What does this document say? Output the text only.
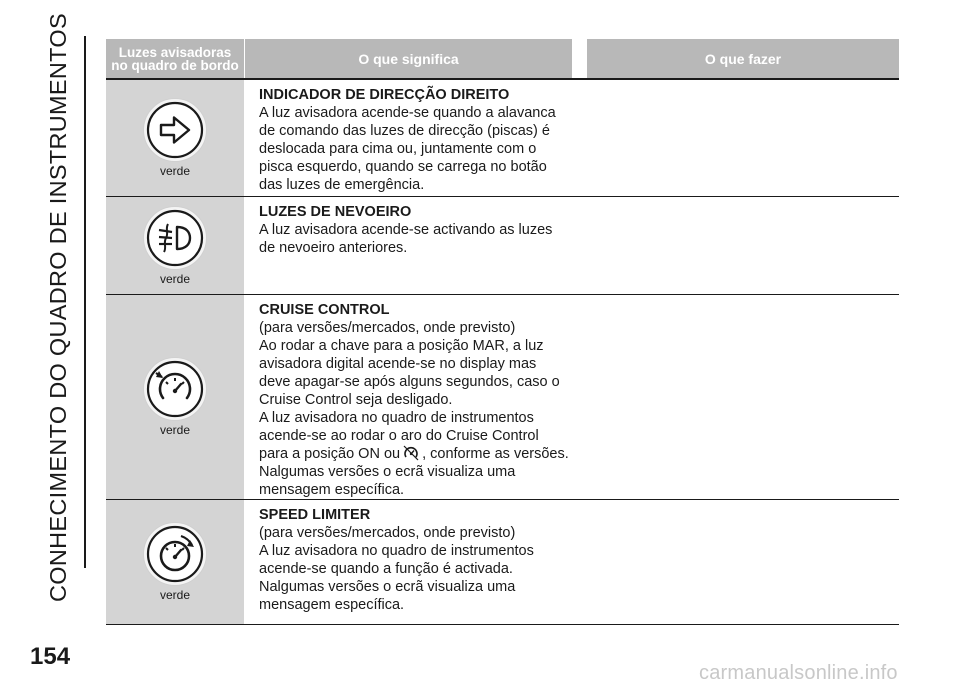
CONHECIMENTO DO QUADRO DE INSTRUMENTOS	Luzes avisadoras
no quadro de bordo	O que significa	O que fazer
verde
INDICADOR DE DIRECÇÃO DIREITO

A luz avisadora acende-se quando a alavanca de comando das luzes de direcção (piscas) é deslocada para cima ou, juntamente com o pisca esquerdo, quando se carrega no botão das luzes de emergência.

verde
LUZES DE NEVOEIRO

A luz avisadora acende-se activando as luzes de nevoeiro anteriores.

verde
CRUISE CONTROL

(para versões/mercados, onde previsto)

Ao rodar a chave para a posição MAR, a luz avisadora digital acende-se no display mas deve apagar-se após alguns segundos, caso o Cruise Control seja desligado.

A luz avisadora no quadro de instrumentos acende-se ao rodar o aro do Cruise Control para a posição ON ou , conforme as versões.

Nalgumas versões o ecrã visualiza uma mensagem específica.

verde
SPEED LIMITER

(para versões/mercados, onde previsto)

A luz avisadora no quadro de instrumentos acende-se quando a função é activada.

Nalgumas versões o ecrã visualiza uma mensagem específica.

154
carmanualsonline.info
